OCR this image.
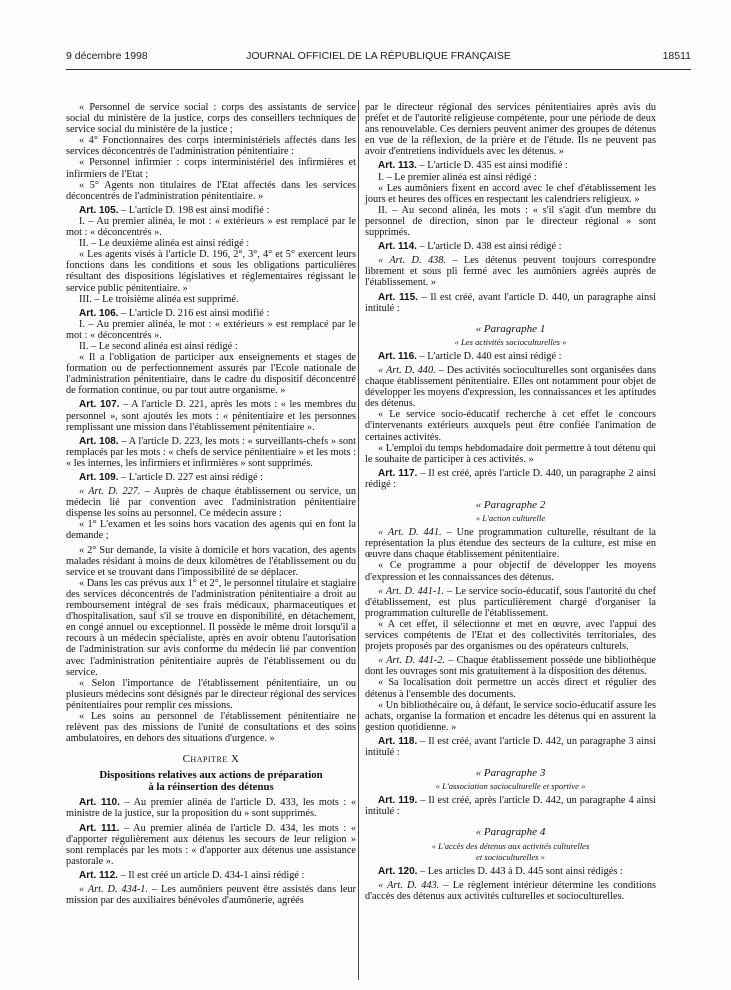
9 décembre 1998	JOURNAL OFFICIEL DE LA RÉPUBLIQUE FRANÇAISE	18511

« Personnel de service social : corps des assistants de service social du ministère de la justice, corps des conseillers techniques de service social du ministère de la justice ;

« 4° Fonctionnaires des corps interministériels affectés dans les services déconcentrés de l'administration pénitentiaire :

« Personnel infirmier : corps interministériel des infirmières et infirmiers de l'Etat ;

« 5° Agents non titulaires de l'Etat affectés dans les services déconcentrés de l'administration pénitentiaire. »

Art. 105. – L'article D. 198 est ainsi modifié :

I. – Au premier alinéa, le mot : « extérieurs » est remplacé par le mot : « déconcentrés ».

II. – Le deuxième alinéa est ainsi rédigé :

« Les agents visés à l'article D. 196, 2°, 3°, 4° et 5° exercent leurs fonctions dans les conditions et sous les obligations particulières résultant des dispositions législatives et réglementaires régissant le service public pénitentiaire. »

III. – Le troisième alinéa est supprimé.

Art. 106. – L'article D. 216 est ainsi modifié :

I. – Au premier alinéa, le mot : « extérieurs » est remplacé par le mot : « déconcentrés ».

II. – Le second alinéa est ainsi rédigé :

« Il a l'obligation de participer aux enseignements et stages de formation ou de perfectionnement assurés par l'Ecole nationale de l'administration pénitentiaire, dans le cadre du dispositif déconcentré de formation continue, ou par tout autre organisme. »

Art. 107. – A l'article D. 221, après les mots : « les membres du personnel », sont ajoutés les mots : « pénitentiaire et les personnes remplissant une mission dans l'établissement pénitentiaire ».

Art. 108. – A l'article D. 223, les mots : « surveillants-chefs » sont remplacés par les mots : « chefs de service pénitentiaire » et les mots : « les internes, les infirmiers et infirmières » sont supprimés.

Art. 109. – L'article D. 227 est ainsi rédigé :

« Art. D. 227. – Auprès de chaque établissement ou service, un médecin lié par convention avec l'administration pénitentiaire dispense les soins au personnel. Ce médecin assure :

« 1° L'examen et les soins hors vacation des agents qui en font la demande ;

« 2° Sur demande, la visite à domicile et hors vacation, des agents malades résidant à moins de deux kilomètres de l'établissement ou du service et se trouvant dans l'impossibilité de se déplacer.

« Dans les cas prévus aux 1° et 2°, le personnel titulaire et stagiaire des services déconcentrés de l'administration pénitentiaire a droit au remboursement intégral de ses frais médicaux, pharmaceutiques et d'hospitalisation, sauf s'il se trouve en disponibilité, en détachement, en congé annuel ou exceptionnel. Il possède le même droit lorsqu'il a recours à un médecin spécialiste, après en avoir obtenu l'autorisation de l'administration sur avis conforme du médecin lié par convention avec l'administration pénitentiaire auprès de l'établissement ou du service.

« Selon l'importance de l'établissement pénitentiaire, un ou plusieurs médecins sont désignés par le directeur régional des services pénitentiaires pour remplir ces missions.

« Les soins au personnel de l'établissement pénitentiaire ne relèvent pas des missions de l'unité de consultations et des soins ambulatoires, en dehors des situations d'urgence. »

Chapitre X

Dispositions relatives aux actions de préparation
à la réinsertion des détenus

Art. 110. – Au premier alinéa de l'article D. 433, les mots : « ministre de la justice, sur la proposition du » sont supprimés.

Art. 111. – Au premier alinéa de l'article D. 434, les mots : « d'apporter régulièrement aux détenus les secours de leur religion » sont remplacés par les mots : « d'apporter aux détenus une assistance pastorale ».

Art. 112. – Il est créé un article D. 434-1 ainsi rédigé :

« Art. D. 434-1. – Les aumôniers peuvent être assistés dans leur mission par des auxiliaires bénévoles d'aumônerie, agréés

par le directeur régional des services pénitentiaires après avis du préfet et de l'autorité religieuse compétente, pour une période de deux ans renouvelable. Ces derniers peuvent animer des groupes de détenus en vue de la réflexion, de la prière et de l'étude. Ils ne peuvent pas avoir d'entretiens individuels avec les détenus. »

Art. 113. – L'article D. 435 est ainsi modifié :

I. – Le premier alinéa est ainsi rédigé :

« Les aumôniers fixent en accord avec le chef d'établissement les jours et heures des offices en respectant les calendriers religieux. »

II. – Au second alinéa, les mots : « s'il s'agit d'un membre du personnel de direction, sinon par le directeur régional » sont supprimés.

Art. 114. – L'article D. 438 est ainsi rédigé :

« Art. D. 438. – Les détenus peuvent toujours correspondre librement et sous pli fermé avec les aumôniers agréés auprès de l'établissement. »

Art. 115. – Il est créé, avant l'article D. 440, un paragraphe ainsi intitulé :

« Paragraphe 1

« Les activités socioculturelles »

Art. 116. – L'article D. 440 est ainsi rédigé :

« Art. D. 440. – Des activités socioculturelles sont organisées dans chaque établissement pénitentiaire. Elles ont notamment pour objet de développer les moyens d'expression, les connaissances et les aptitudes des détenus.

« Le service socio-éducatif recherche à cet effet le concours d'intervenants extérieurs auxquels peut être confiée l'animation de certaines activités.

« L'emploi du temps hebdomadaire doit permettre à tout détenu qui le souhaite de participer à ces activités. »

Art. 117. – Il est créé, après l'article D. 440, un paragraphe 2 ainsi rédigé :

« Paragraphe 2

« L'action culturelle

« Art. D. 441. – Une programmation culturelle, résultant de la représentation la plus étendue des secteurs de la culture, est mise en œuvre dans chaque établissement pénitentiaire.

« Ce programme a pour objectif de développer les moyens d'expression et les connaissances des détenus.

« Art. D. 441-1. – Le service socio-éducatif, sous l'autorité du chef d'établissement, est plus particulièrement chargé d'organiser la programmation culturelle de l'établissement.

« A cet effet, il sélectionne et met en œuvre, avec l'appui des services compétents de l'Etat et des collectivités territoriales, des projets proposés par des organismes ou des opérateurs culturels.

« Art. D. 441-2. – Chaque établissement possède une bibliothèque dont les ouvrages sont mis gratuitement à la disposition des détenus.

« Sa localisation doit permettre un accès direct et régulier des détenus à l'ensemble des documents.

« Un bibliothécaire ou, à défaut, le service socio-éducatif assure les achats, organise la formation et encadre les détenus qui en assurent la gestion quotidienne. »

Art. 118. – Il est créé, avant l'article D. 442, un paragraphe 3 ainsi intitulé :

« Paragraphe 3

« L'association socioculturelle et sportive »

Art. 119. – Il est créé, après l'article D. 442, un paragraphe 4 ainsi intitulé :

« Paragraphe 4

« L'accès des détenus aux activités culturelles
et socioculturelles »

Art. 120. – Les articles D. 443 à D. 445 sont ainsi rédigés :

« Art. D. 443. – Le règlement intérieur détermine les conditions d'accès des détenus aux activités culturelles et socioculturelles.
